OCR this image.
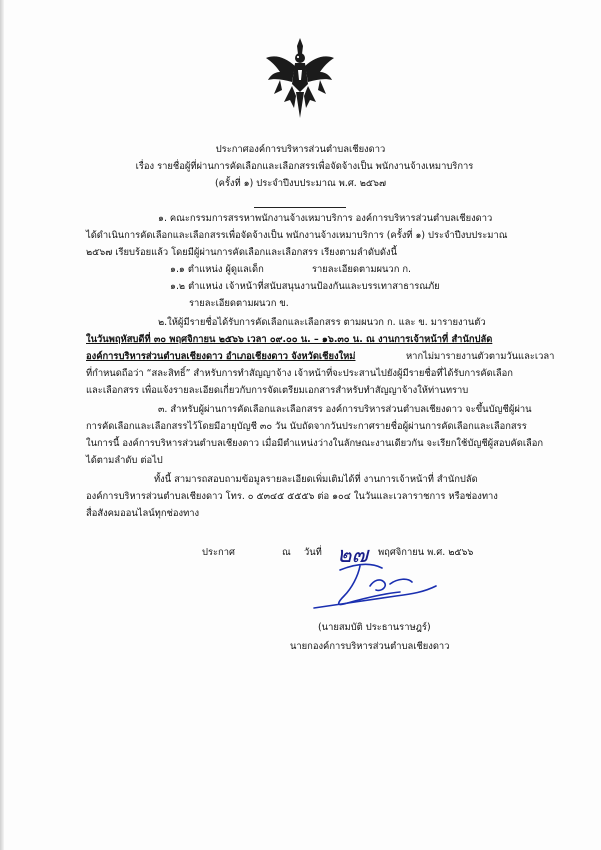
ประกาศองค์การบริหารส่วนตำบลเชียงดาว
เรื่อง รายชื่อผู้ที่ผ่านการคัดเลือกและเลือกสรรเพื่อจัดจ้างเป็น พนักงานจ้างเหมาบริการ
(ครั้งที่ ๑) ประจำปีงบประมาณ พ.ศ. ๒๕๖๗
๑. คณะกรรมการสรรหาพนักงานจ้างเหมาบริการ องค์การบริหารส่วนตำบลเชียงดาว
ได้ดำเนินการคัดเลือกและเลือกสรรเพื่อจัดจ้างเป็น พนักงานจ้างเหมาบริการ (ครั้งที่ ๑) ประจำปีงบประมาณ
๒๕๖๗ เรียบร้อยแล้ว โดยมีผู้ผ่านการคัดเลือกและเลือกสรร เรียงตามลำดับดังนี้
๑.๑ ตำแหน่ง ผู้ดูแลเด็ก	รายละเอียดตามผนวก ก.
๑.๒ ตำแหน่ง เจ้าหน้าที่สนับสนุนงานป้องกันและบรรเทาสาธารณภัย
รายละเอียดตามผนวก ข.
๒.ให้ผู้มีรายชื่อได้รับการคัดเลือกและเลือกสรร ตามผนวก ก. และ ข. มารายงานตัว
ในวันพฤหัสบดีที่ ๓๐ พฤศจิกายน ๒๕๖๖ เวลา ๐๙.๐๐ น. – ๑๖.๓๐ น. ณ งานการเจ้าหน้าที่ สำนักปลัด
องค์การบริหารส่วนตำบลเชียงดาว อำเภอเชียงดาว จังหวัดเชียงใหม่	หากไม่มารายงานตัวตามวันและเวลา
ที่กำหนดถือว่า “สละสิทธิ์” สำหรับการทำสัญญาจ้าง เจ้าหน้าที่จะประสานไปยังผู้มีรายชื่อที่ได้รับการคัดเลือก
และเลือกสรร เพื่อแจ้งรายละเอียดเกี่ยวกับการจัดเตรียมเอกสารสำหรับทำสัญญาจ้างให้ท่านทราบ
๓. สำหรับผู้ผ่านการคัดเลือกและเลือกสรร องค์การบริหารส่วนตำบลเชียงดาว จะขึ้นบัญชีผู้ผ่าน
การคัดเลือกและเลือกสรรไว้โดยมีอายุบัญชี ๓๐ วัน นับถัดจากวันประกาศรายชื่อผู้ผ่านการคัดเลือกและเลือกสรร
ในการนี้ องค์การบริหารส่วนตำบลเชียงดาว เมื่อมีตำแหน่งว่างในลักษณะงานเดียวกัน จะเรียกใช้บัญชีผู้สอบคัดเลือก
ได้ตามลำดับ ต่อไป
ทั้งนี้ สามารถสอบถามข้อมูลรายละเอียดเพิ่มเติมได้ที่ งานการเจ้าหน้าที่ สำนักปลัด
องค์การบริหารส่วนตำบลเชียงดาว โทร. ๐ ๕๓๔๕ ๕๕๕๖ ต่อ ๑๐๔ ในวันและเวลาราชการ หรือช่องทาง
สื่อสังคมออนไลน์ทุกช่องทาง
ประกาศ	ณ วันที่ ๒๗ พฤศจิกายน พ.ศ. ๒๕๖๖
(นายสมบัติ ประธานราษฎร์)
นายกองค์การบริหารส่วนตำบลเชียงดาว
